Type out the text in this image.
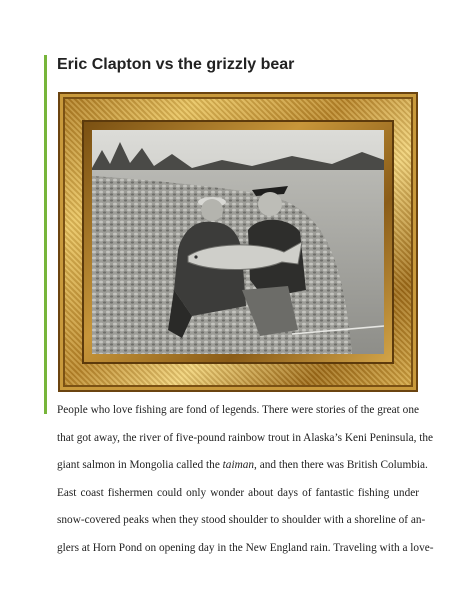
Eric Clapton vs the grizzly bear

People who love fishing are fond of legends. There were stories of the great one
that got away, the river of five-pound rainbow trout in Alaska’s Keni Peninsula, the
giant salmon in Mongolia called the taiman, and then there was British Columbia.
East coast fishermen could only wonder about days of fantastic fishing under
snow-covered peaks when they stood shoulder to shoulder with a shoreline of an-
glers at Horn Pond on opening day in the New England rain. Traveling with a love-
